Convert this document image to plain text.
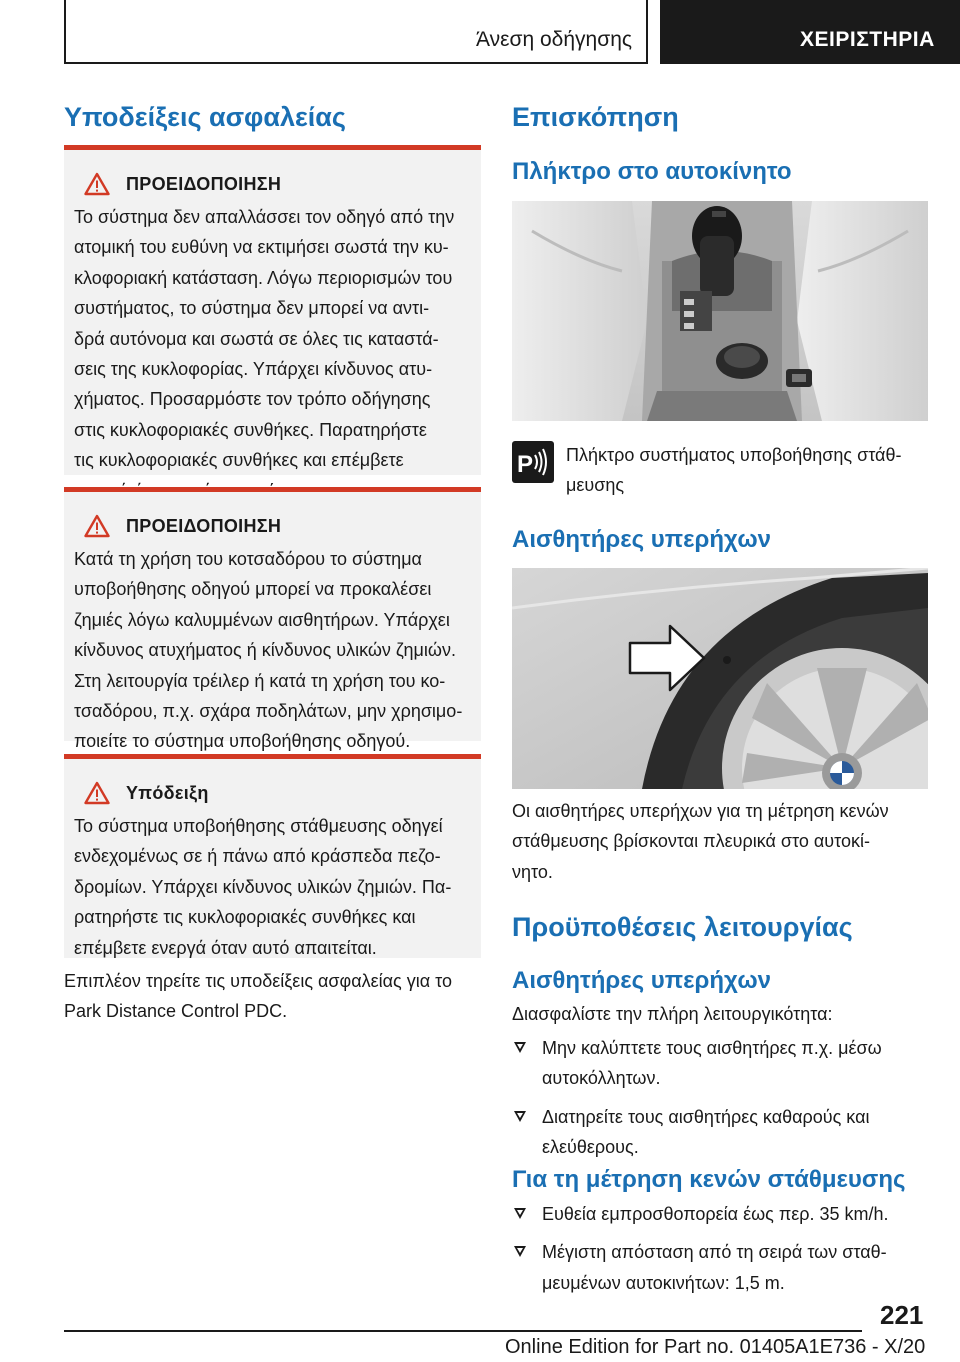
Άνεση οδήγησης	ΧΕΙΡΙΣΤΗΡΙΑ
Υποδείξεις ασφαλείας
ΠΡΟΕΙΔΟΠΟΙΗΣΗ
Το σύστημα δεν απαλλάσσει τον οδηγό από την
ατομική του ευθύνη να εκτιμήσει σωστά την κυ-
κλοφοριακή κατάσταση. Λόγω περιορισμών του
συστήματος, το σύστημα δεν μπορεί να αντι-
δρά αυτόνομα και σωστά σε όλες τις καταστά-
σεις της κυκλοφορίας. Υπάρχει κίνδυνος ατυ-
χήματος. Προσαρμόστε τον τρόπο οδήγησης
στις κυκλοφοριακές συνθήκες. Παρατηρήστε
τις κυκλοφοριακές συνθήκες και επέμβετε
ΠΡΟΕΙΔΟΠΟΙΗΣΗ
Κατά τη χρήση του κοτσαδόρου το σύστημα
υποβοήθησης οδηγού μπορεί να προκαλέσει
ζημιές λόγω καλυμμένων αισθητήρων. Υπάρχει
κίνδυνος ατυχήματος ή κίνδυνος υλικών ζημιών.
Στη λειτουργία τρέιλερ ή κατά τη χρήση του κο-
τσαδόρου, π.χ. σχάρα ποδηλάτων, μην χρησιμο-
ποιείτε το σύστημα υποβοήθησης οδηγού.
Υπόδειξη
Το σύστημα υποβοήθησης στάθμευσης οδηγεί
ενδεχομένως σε ή πάνω από κράσπεδα πεζο-
δρομίων. Υπάρχει κίνδυνος υλικών ζημιών. Πα-
ρατηρήστε τις κυκλοφοριακές συνθήκες και
επέμβετε ενεργά όταν αυτό απαιτείται.
Επιπλέον τηρείτε τις υποδείξεις ασφαλείας για το
Park Distance Control PDC.
Επισκόπηση
Πλήκτρο στο αυτοκίνητο
P Πλήκτρο συστήματος υποβοήθησης στάθ-
μευσης
Αισθητήρες υπερήχων
Οι αισθητήρες υπερήχων για τη μέτρηση κενών
στάθμευσης βρίσκονται πλευρικά στο αυτοκί-
νητο.
Προϋποθέσεις λειτουργίας
Αισθητήρες υπερήχων
Διασφαλίστε την πλήρη λειτουργικότητα:
Μην καλύπτετε τους αισθητήρες π.χ. μέσω
αυτοκόλλητων.
Διατηρείτε τους αισθητήρες καθαρούς και
ελεύθερους.
Για τη μέτρηση κενών στάθμευσης
Ευθεία εμπροσθοπορεία έως περ. 35 km/h.
Μέγιστη απόσταση από τη σειρά των σταθ-
μευμένων αυτοκινήτων: 1,5 m.
221
Online Edition for Part no. 01405A1E736 - X/20
